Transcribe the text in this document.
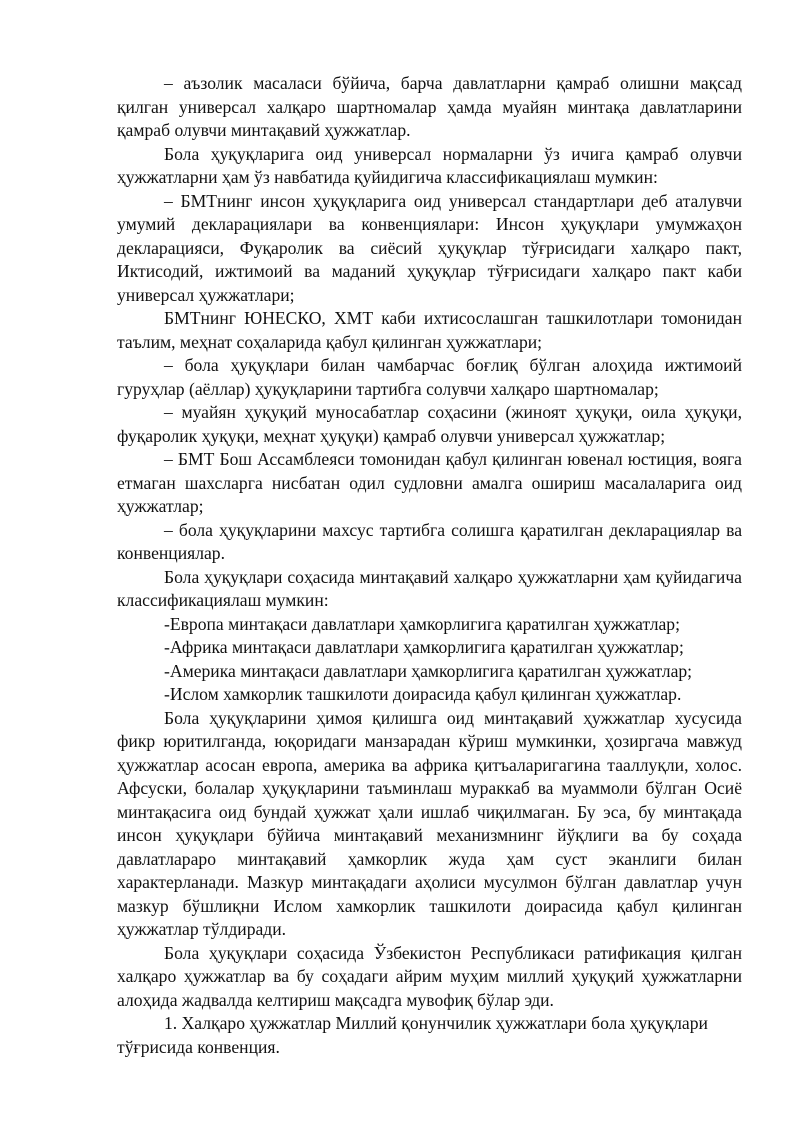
– аъзолик масаласи бўйича, барча давлатларни қамраб олишни мақсад қилган универсал халқаро шартномалар ҳамда муайян минтақа давлатларини қамраб олувчи минтақавий ҳужжатлар.

Бола ҳуқуқларига оид универсал нормаларни ўз ичига қамраб олувчи ҳужжатларни ҳам ўз навбатида қуйидигича классификациялаш мумкин:

– БМТнинг инсон ҳуқуқларига оид универсал стандартлари деб аталувчи умумий декларациялари ва конвенциялари: Инсон ҳуқуқлари умумжаҳон декларацияси, Фуқаролик ва сиёсий ҳуқуқлар тўғрисидаги халқаро пакт, Иктисодий, ижтимоий ва маданий ҳуқуқлар тўғрисидаги халқаро пакт каби универсал ҳужжатлари;

БМТнинг ЮНЕСКО, ХМТ каби ихтисослашган ташкилотлари томонидан таълим, меҳнат соҳаларида қабул қилинган ҳужжатлари;

– бола ҳуқуқлари билан чамбарчас боғлиқ бўлган алоҳида ижтимоий гуруҳлар (аёллар) ҳуқуқларини тартибга солувчи халқаро шартномалар;

– муайян ҳуқуқий муносабатлар соҳасини (жиноят ҳуқуқи, оила ҳуқуқи, фуқаролик ҳуқуқи, меҳнат ҳуқуқи) қамраб олувчи универсал ҳужжатлар;

– БМТ Бош Ассамблеяси томонидан қабул қилинган ювенал юстиция, вояга етмаган шахсларга нисбатан одил судловни амалга ошириш масалаларига оид ҳужжатлар;

– бола ҳуқуқларини махсус тартибга солишга қаратилган декларациялар ва конвенциялар.

Бола ҳуқуқлари соҳасида минтақавий халқаро ҳужжатларни ҳам қуйидагича классификациялаш мумкин:

-Европа минтақаси давлатлари ҳамкорлигига қаратилган ҳужжатлар;

-Африка минтақаси давлатлари ҳамкорлигига қаратилган ҳужжатлар;

-Америка минтақаси давлатлари ҳамкорлигига қаратилган ҳужжатлар;

-Ислом хамкорлик ташкилоти доирасида қабул қилинган ҳужжатлар.

Бола ҳуқуқларини ҳимоя қилишга оид минтақавий ҳужжатлар хусусида фикр юритилганда, юқоридаги манзарадан кўриш мумкинки, ҳозиргача мавжуд ҳужжатлар асосан европа, америка ва африка қитъаларигагина тааллуқли, холос. Афсуски, болалар ҳуқуқларини таъминлаш мураккаб ва муаммоли бўлган Осиё минтақасига оид бундай ҳужжат ҳали ишлаб чиқилмаган. Бу эса, бу минтақада инсон ҳуқуқлари бўйича минтақавий механизмнинг йўқлиги ва бу соҳада давлатлараро минтақавий ҳамкорлик жуда ҳам суст эканлиги билан характерланади. Мазкур минтақадаги аҳолиси мусулмон бўлган давлатлар учун мазкур бўшлиқни Ислом хамкорлик ташкилоти доирасида қабул қилинган ҳужжатлар тўлдиради.

Бола ҳуқуқлари соҳасида Ўзбекистон Республикаси ратификация қилган халқаро ҳужжатлар ва бу соҳадаги айрим муҳим миллий ҳуқуқий ҳужжатларни алоҳида жадвалда келтириш мақсадга мувофиқ бўлар эди.

1. Халқаро ҳужжатлар Миллий қонунчилик ҳужжатлари бола ҳуқуқлари тўғрисида конвенция.
